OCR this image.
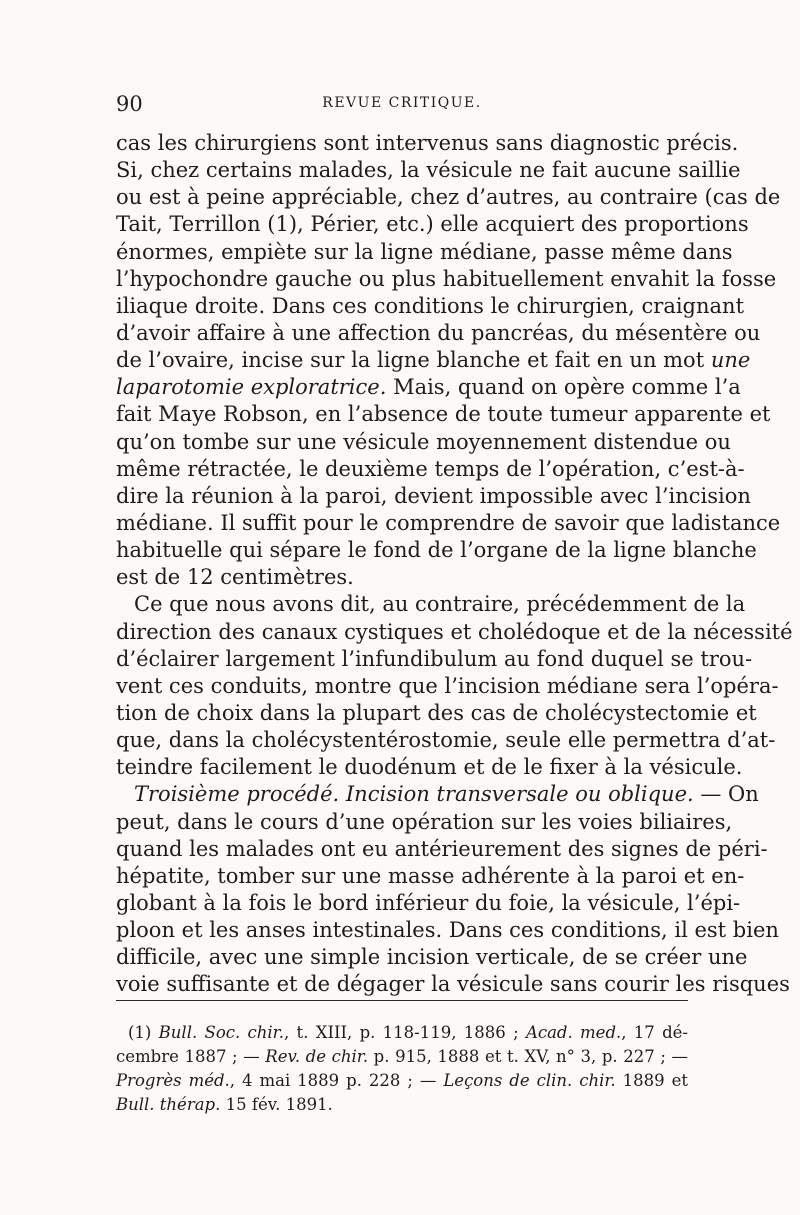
90	REVUE CRITIQUE.
cas les chirurgiens sont intervenus sans diagnostic précis.
Si, chez certains malades, la vésicule ne fait aucune saillie
ou est à peine appréciable, chez d’autres, au contraire (cas de
Tait, Terrillon (1), Périer, etc.) elle acquiert des proportions
énormes, empiète sur la ligne médiane, passe même dans
l’hypochondre gauche ou plus habituellement envahit la fosse
iliaque droite. Dans ces conditions le chirurgien, craignant
d’avoir affaire à une affection du pancréas, du mésentère ou
de l’ovaire, incise sur la ligne blanche et fait en un mot une
laparotomie exploratrice. Mais, quand on opère comme l’a
fait Maye Robson, en l’absence de toute tumeur apparente et
qu’on tombe sur une vésicule moyennement distendue ou
même rétractée, le deuxième temps de l’opération, c’est-à-
dire la réunion à la paroi, devient impossible avec l’incision
médiane. Il suffit pour le comprendre de savoir que ladistance
habituelle qui sépare le fond de l’organe de la ligne blanche
est de 12 centimètres.
Ce que nous avons dit, au contraire, précédemment de la
direction des canaux cystiques et cholédoque et de la nécessité
d’éclairer largement l’infundibulum au fond duquel se trou-
vent ces conduits, montre que l’incision médiane sera l’opéra-
tion de choix dans la plupart des cas de cholécystectomie et
que, dans la cholécystentérostomie, seule elle permettra d’at-
teindre facilement le duodénum et de le fixer à la vésicule.
Troisième procédé. Incision transversale ou oblique. — On
peut, dans le cours d’une opération sur les voies biliaires,
quand les malades ont eu antérieurement des signes de péri-
hépatite, tomber sur une masse adhérente à la paroi et en-
globant à la fois le bord inférieur du foie, la vésicule, l’épi-
ploon et les anses intestinales. Dans ces conditions, il est bien
difficile, avec une simple incision verticale, de se créer une
voie suffisante et de dégager la vésicule sans courir les risques
(1) Bull. Soc. chir., t. XIII, p. 118-119, 1886 ; Acad. med., 17 dé-
cembre 1887 ; — Rev. de chir. p. 915, 1888 et t. XV, n° 3, p. 227 ; —
Progrès méd., 4 mai 1889 p. 228 ; — Leçons de clin. chir. 1889 et
Bull. thérap. 15 fév. 1891.
